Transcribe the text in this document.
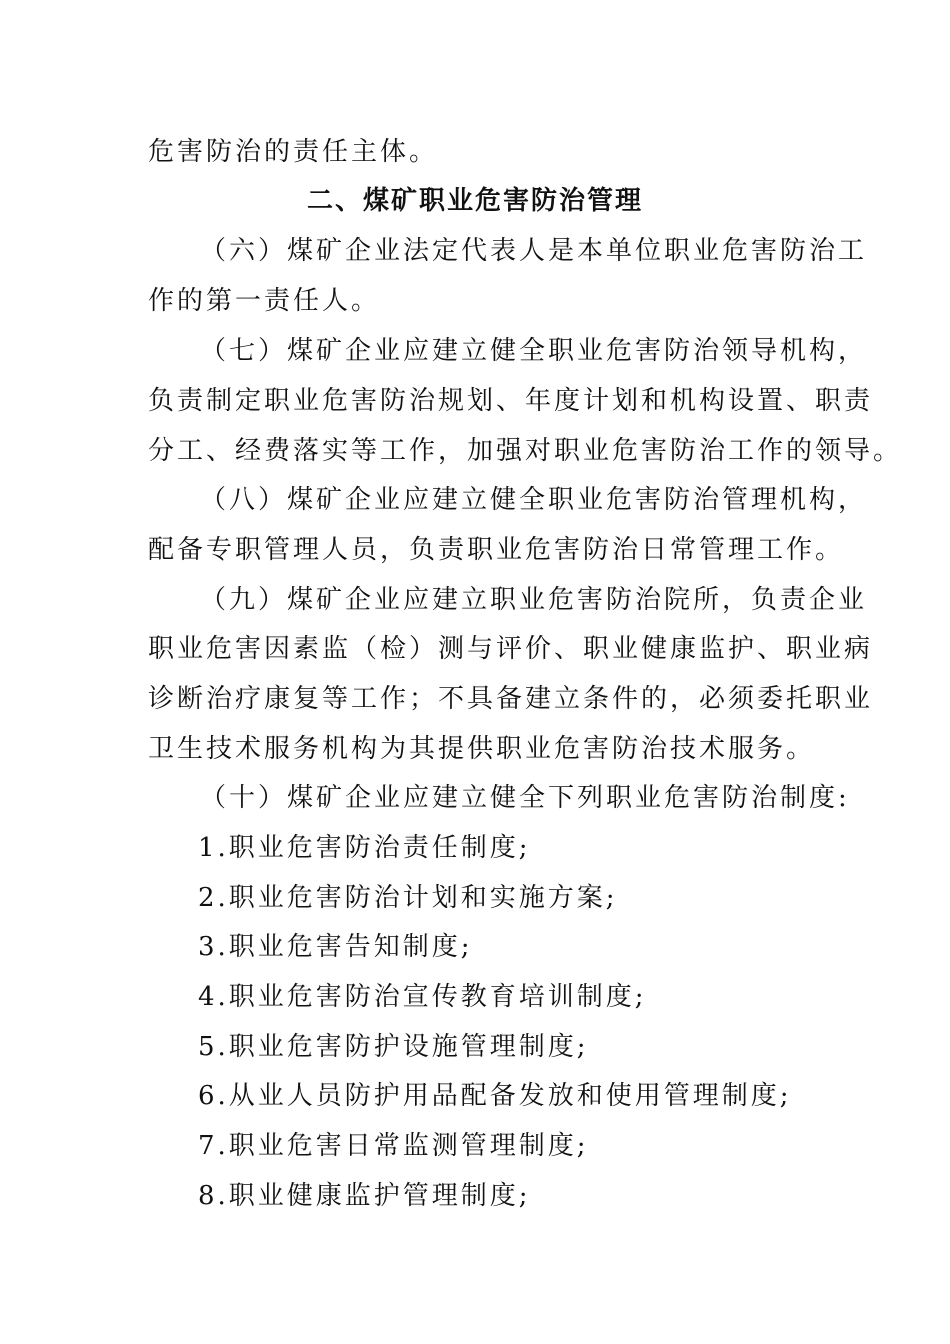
危害防治的责任主体。
二、煤矿职业危害防治管理
（六）煤矿企业法定代表人是本单位职业危害防治工
作的第一责任人。
（七）煤矿企业应建立健全职业危害防治领导机构，
负责制定职业危害防治规划、年度计划和机构设置、职责
分工、经费落实等工作，加强对职业危害防治工作的领导。
（八）煤矿企业应建立健全职业危害防治管理机构，
配备专职管理人员，负责职业危害防治日常管理工作。
（九）煤矿企业应建立职业危害防治院所，负责企业
职业危害因素监（检）测与评价、职业健康监护、职业病
诊断治疗康复等工作；不具备建立条件的，必须委托职业
卫生技术服务机构为其提供职业危害防治技术服务。
（十）煤矿企业应建立健全下列职业危害防治制度:
1.职业危害防治责任制度;
2.职业危害防治计划和实施方案;
3.职业危害告知制度;
4.职业危害防治宣传教育培训制度;
5.职业危害防护设施管理制度;
6.从业人员防护用品配备发放和使用管理制度;
7.职业危害日常监测管理制度;
8.职业健康监护管理制度;
